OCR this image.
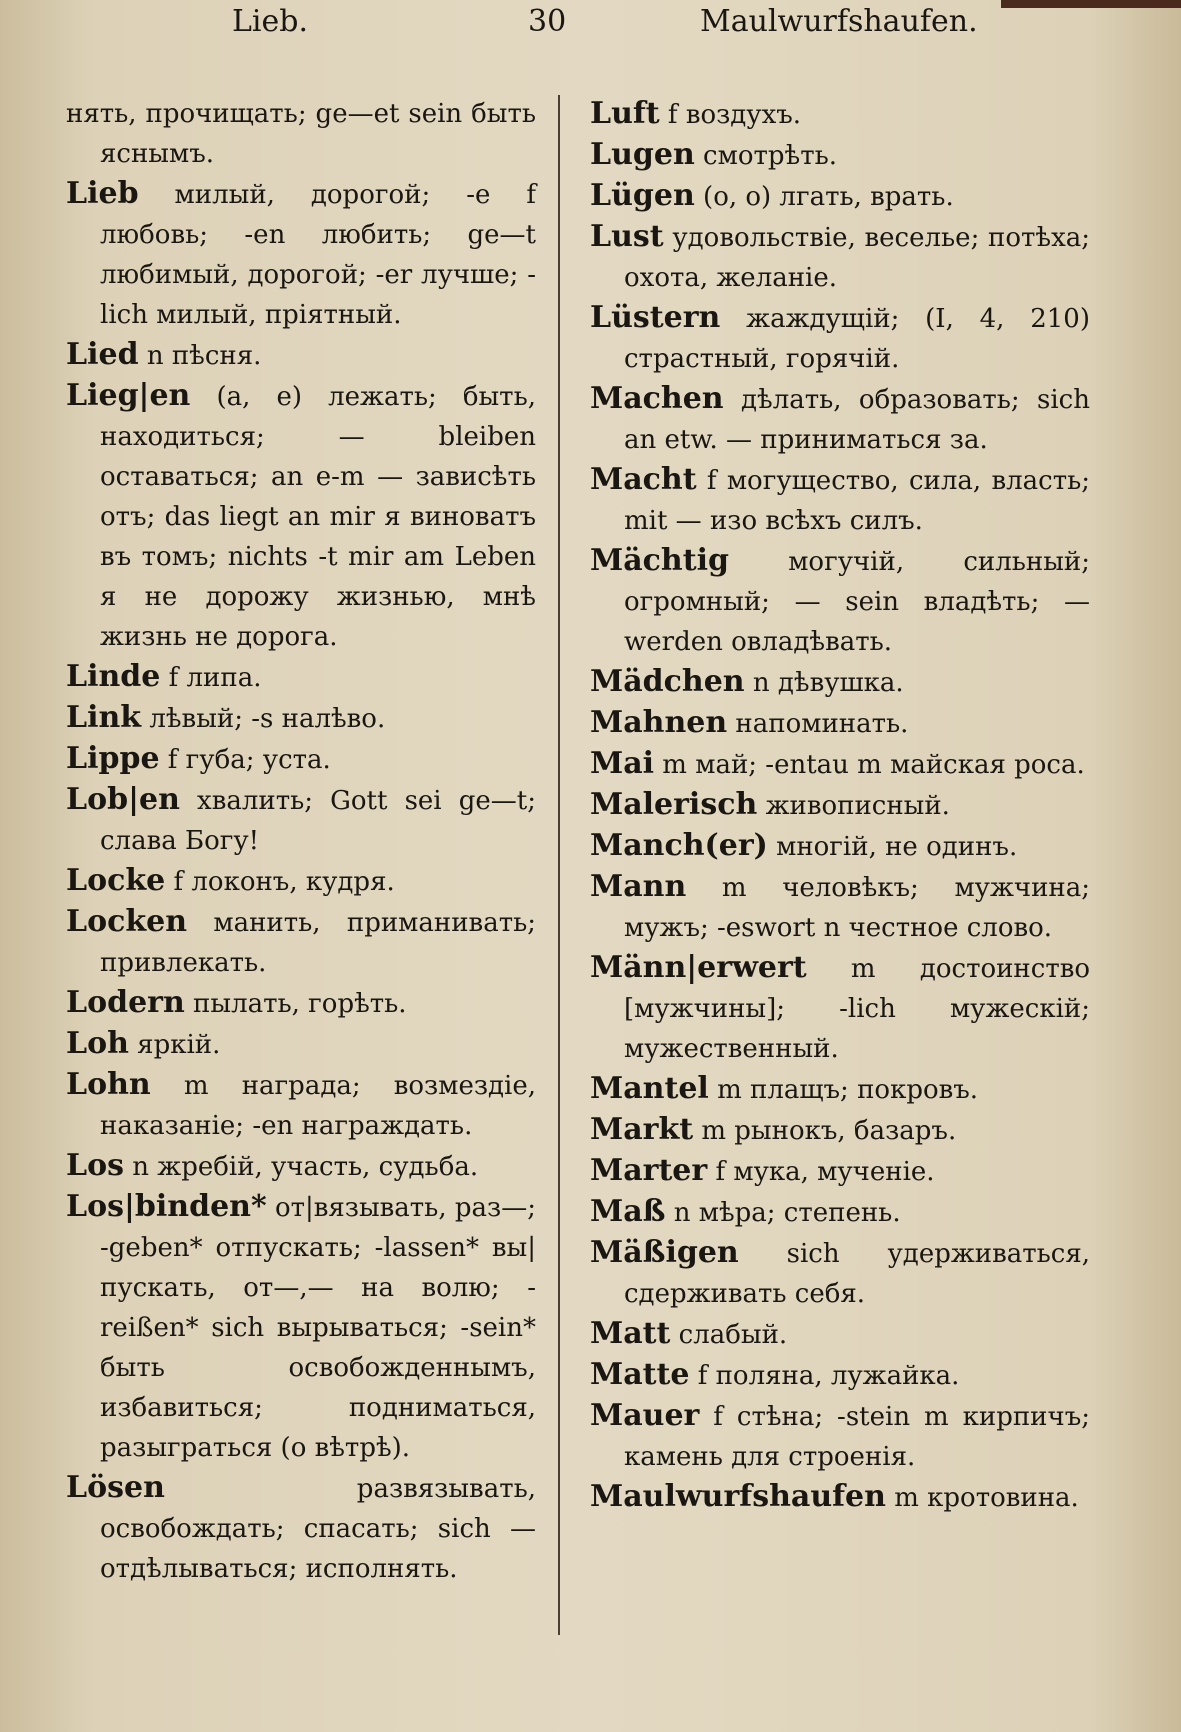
Lieb.	30	Maulwurfshaufen.
нять, прочищать; ge—et sein быть яснымъ.
Lieb милый, дорогой; -e f любовь; -en любить; ge—t любимый, дорогой; -er лучше; -lich милый, пріятный.
Lied n пѣсня.
Lieg|en (a, e) лежать; быть, находиться; — bleiben оставаться; an e-m — зависѣть отъ; das liegt an mir я виноватъ въ томъ; nichts -t mir am Leben я не дорожу жизнью, мнѣ жизнь не дорога.
Linde f липа.
Link лѣвый; -s налѣво.
Lippe f губа; уста.
Lob|en хвалить; Gott sei ge—t; слава Богу!
Locke f локонъ, кудря.
Locken манить, приманивать; привлекать.
Lodern пылать, горѣть.
Loh яркій.
Lohn m награда; возмездіе, наказаніе; -en награждать.
Los n жребій, участь, судьба.
Los|binden* от|вязывать, раз—; -geben* отпускать; -lassen* вы|пускать, от—,— на волю; -reißen* sich вырываться; -sein* быть освобожденнымъ, избавиться; подниматься, разыграться (о вѣтрѣ).
Lösen развязывать, освобождать; спасать; sich — отдѣлываться; исполнять.
Luft f воздухъ.
Lugen смотрѣть.
Lügen (o, o) лгать, врать.
Lust удовольствіе, веселье; потѣха; охота, желаніе.
Lüstern жаждущій; (I, 4, 210) страстный, горячій.
Machen дѣлать, образовать; sich an etw. — приниматься за.
Macht f могущество, сила, власть; mit — изо всѣхъ силъ.
Mächtig могучій, сильный; огромный; — sein владѣть; — werden овладѣвать.
Mädchen n дѣвушка.
Mahnen напоминать.
Mai m май; -entau m майская роса.
Malerisch живописный.
Manch(er) многій, не одинъ.
Mann m человѣкъ; мужчина; мужъ; -eswort n честное слово.
Männ|erwert m достоинство [мужчины]; -lich мужескій; мужественный.
Mantel m плащъ; покровъ.
Markt m рынокъ, базаръ.
Marter f мука, мученіе.
Maß n мѣра; степень.
Mäßigen sich удерживаться, сдерживать себя.
Matt слабый.
Matte f поляна, лужайка.
Mauer f стѣна; -stein m кирпичъ; камень для строенія.
Maulwurfshaufen m кротовина.
